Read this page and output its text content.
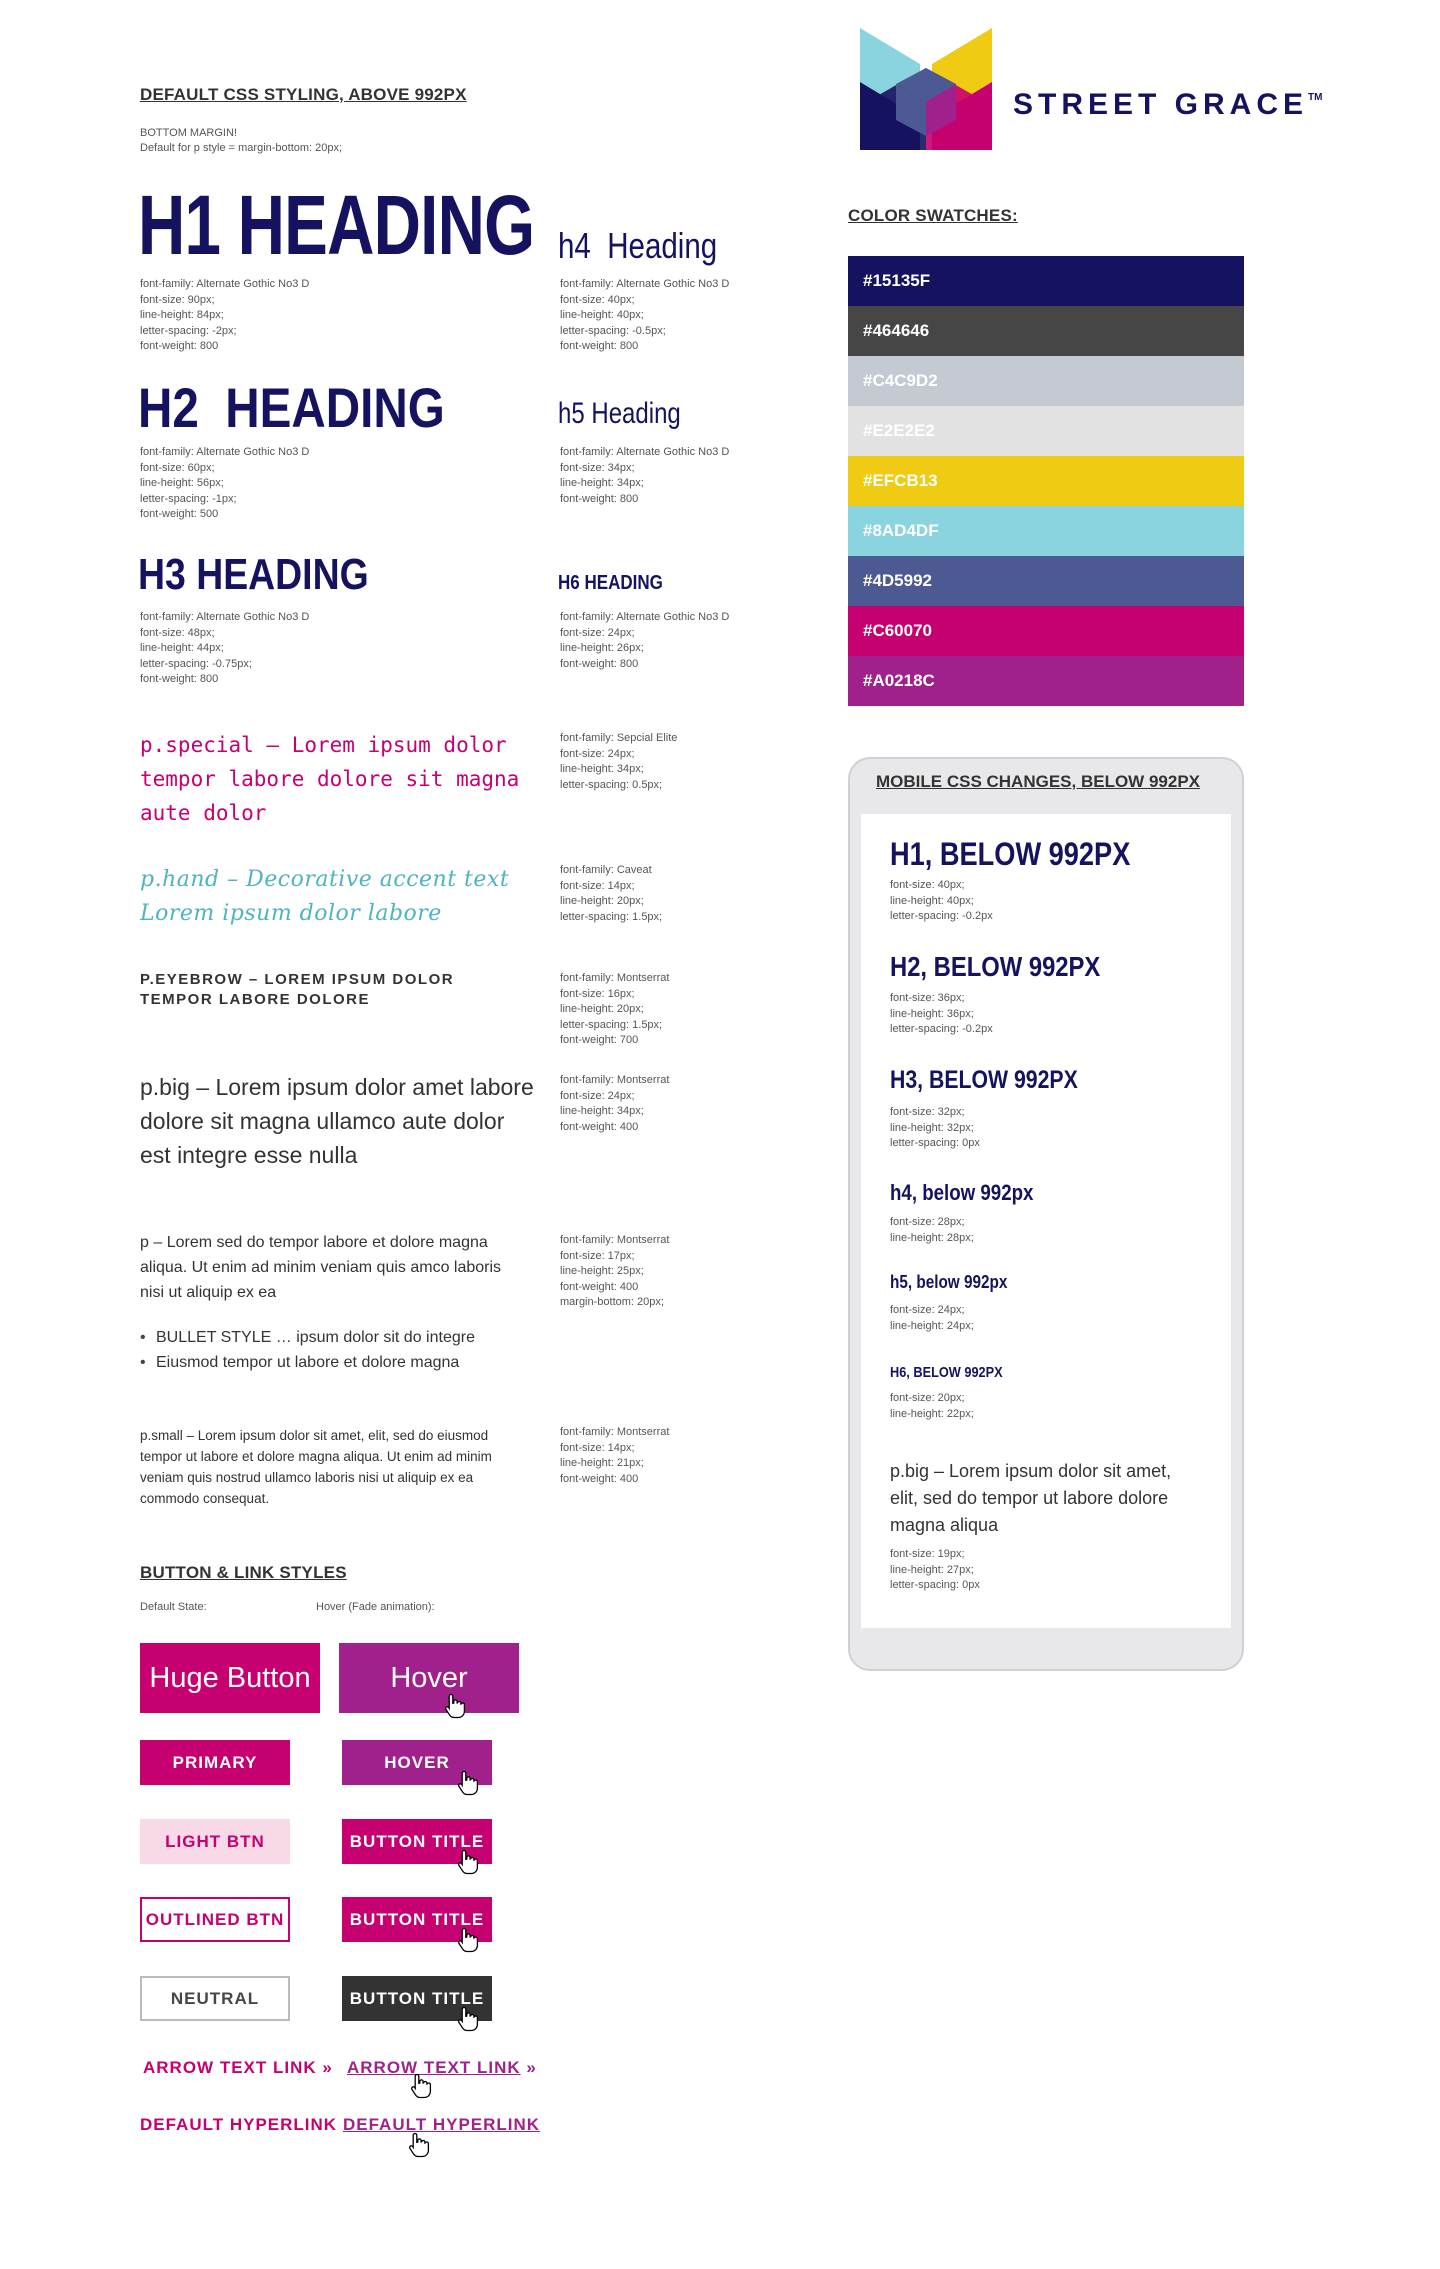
DEFAULT CSS STYLING, ABOVE 992PX

BOTTOM MARGIN!

Default for p style = margin-bottom: 20px;

H1 HEADING

font-family: Alternate Gothic No3 D
font-size: 90px;
line-height: 84px;
letter-spacing: -2px;
font-weight: 800

H2  HEADING

font-family: Alternate Gothic No3 D
font-size: 60px;
line-height: 56px;
letter-spacing: -1px;
font-weight: 500

H3 HEADING

font-family: Alternate Gothic No3 D
font-size: 48px;
line-height: 44px;
letter-spacing: -0.75px;
font-weight: 800

h4  Heading

font-family: Alternate Gothic No3 D
font-size: 40px;
line-height: 40px;
letter-spacing: -0.5px;
font-weight: 800

h5 Heading

font-family: Alternate Gothic No3 D
font-size: 34px;
line-height: 34px;
font-weight: 800

H6 HEADING

font-family: Alternate Gothic No3 D
font-size: 24px;
line-height: 26px;
font-weight: 800

p.special — Lorem ipsum dolor tempor labore dolore sit magna aute dolor

font-family: Sepcial Elite
font-size: 24px;
line-height: 34px;
letter-spacing: 0.5px;

p.hand – Decorative accent text
Lorem ipsum dolor labore

font-family: Caveat
font-size: 14px;
line-height: 20px;
letter-spacing: 1.5px;

P.EYEBROW – LOREM IPSUM DOLOR TEMPOR LABORE DOLORE

font-family: Montserrat
font-size: 16px;
line-height: 20px;
letter-spacing: 1.5px;
font-weight: 700

p.big – Lorem ipsum dolor amet labore dolore sit magna ullamco aute dolor est integre esse nulla

font-family: Montserrat
font-size: 24px;
line-height: 34px;
font-weight: 400

p – Lorem sed do tempor labore et dolore magna aliqua. Ut enim ad minim veniam quis amco laboris nisi ut aliquip ex ea

font-family: Montserrat
font-size: 17px;
line-height: 25px;
font-weight: 400
margin-bottom: 20px;

• BULLET STYLE … ipsum dolor sit do integre
• Eiusmod tempor ut labore et dolore magna
p.small – Lorem ipsum dolor sit amet, elit, sed do eiusmod tempor ut labore et dolore magna aliqua. Ut enim ad minim veniam quis nostrud ullamco laboris nisi ut aliquip ex ea commodo consequat.

font-family: Montserrat
font-size: 14px;
line-height: 21px;
font-weight: 400

BUTTON & LINK STYLES

Default State:	Hover (Fade animation):

Huge Button	Hover
PRIMARY	HOVER
LIGHT BTN	BUTTON TITLE
OUTLINED BTN	BUTTON TITLE
NEUTRAL	BUTTON TITLE
ARROW TEXT LINK » ARROW TEXT LINK »
DEFAULT HYPERLINK DEFAULT HYPERLINK
STREET GRACE™
COLOR SWATCHES:
#15135F
#464646
#C4C9D2
#E2E2E2
#EFCB13
#8AD4DF
#4D5992
#C60070
#A0218C
MOBILE CSS CHANGES, BELOW 992PX
H1, BELOW 992PX

font-size: 40px;
line-height: 40px;
letter-spacing: -0.2px

H2, BELOW 992PX

font-size: 36px;
line-height: 36px;
letter-spacing: -0.2px

H3, BELOW 992PX

font-size: 32px;
line-height: 32px;
letter-spacing: 0px

h4, below 992px

font-size: 28px;
line-height: 28px;

h5, below 992px

font-size: 24px;
line-height: 24px;

H6, BELOW 992PX

font-size: 20px;
line-height: 22px;

p.big – Lorem ipsum dolor sit amet, elit, sed do tempor ut labore dolore magna aliqua

font-size: 19px;
line-height: 27px;
letter-spacing: 0px
